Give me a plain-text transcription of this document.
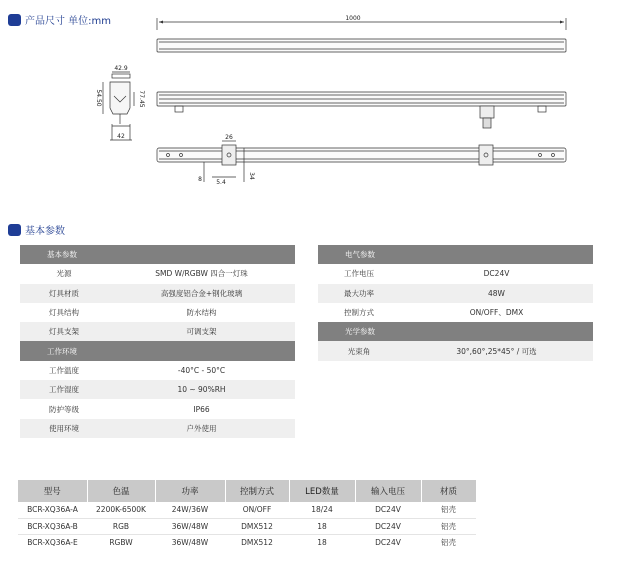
产品尺寸 单位:mm	1000
42.9
54.50	77.45
42	26
5.4
34
8
基本参数
基本参数	
光源	SMD W/RGBW 四合一灯珠
灯具材质	高强度铝合金+钢化玻璃
灯具结构	防水结构
灯具支架	可调支架
工作环境	
工作温度	-40°C - 50°C
工作湿度	10 ~ 90%RH
防护等级	IP66
使用环境	户外使用
电气参数	
工作电压	DC24V
最大功率	48W
控制方式	ON/OFF、DMX
光学参数	
光束角	30°,60°,25*45° / 可选
型号	色温	功率	控制方式	LED数量	输入电压	材质
BCR-XQ36A-A	2200K-6500K	24W/36W	ON/OFF	18/24	DC24V	铝壳
BCR-XQ36A-B	RGB	36W/48W	DMX512	18	DC24V	铝壳
BCR-XQ36A-E	RGBW	36W/48W	DMX512	18	DC24V	铝壳
